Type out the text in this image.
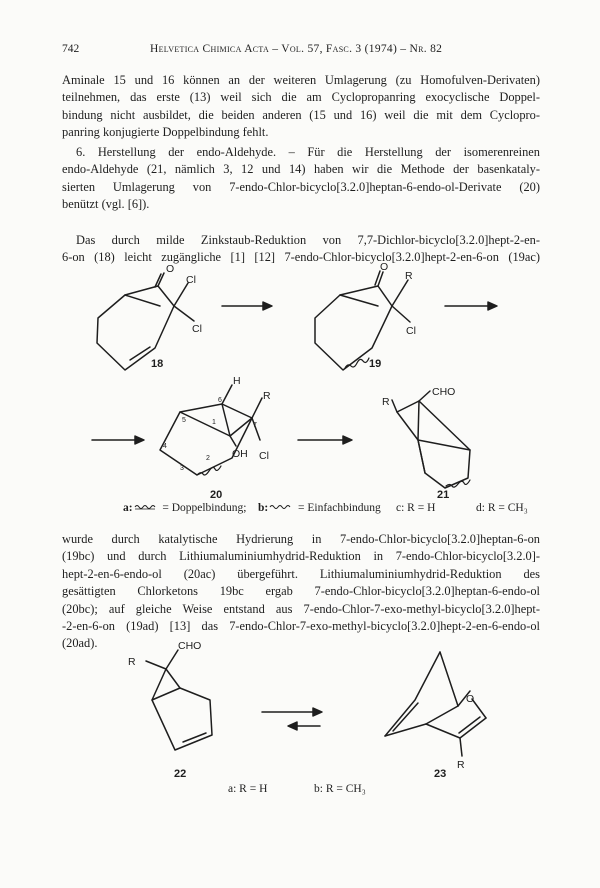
742	Helvetica Chimica Acta – Vol. 57, Fasc. 3 (1974) – Nr. 82
Aminale 15 und 16 können an der weiteren Umlagerung (zu Homofulven-Derivaten)
teilnehmen, das erste (13) weil sich die am Cyclopropanring exocyclische Doppel-
bindung nicht ausbildet, die beiden anderen (15 und 16) weil die mit dem Cyclopro-
panring konjugierte Doppelbindung fehlt.
6. Herstellung der endo-Aldehyde. – Für die Herstellung der isomerenreinen
endo-Aldehyde (21, nämlich 3, 12 und 14) haben wir die Methode der basenkataly-
sierten Umlagerung von 7-endo-Chlor-bicyclo[3.2.0]heptan-6-endo-ol-Derivate (20)
benützt (vgl. [6]).
Das durch milde Zinkstaub-Reduktion von 7,7-Dichlor-bicyclo[3.2.0]hept-2-en-
6-on (18) leicht zugängliche [1] [12] 7-endo-Chlor-bicyclo[3.2.0]hept-2-en-6-on (19ac)
O
Cl
Cl
O
R
Cl
H
R
OH Cl
R
CHO
1
2
3
4
5
6
7
18	19
20	21
R
CHO
O
R
22	23
a:  = Doppelbindung; b:  = Einfachbindung c: R = H	d: R = CH₃
wurde durch katalytische Hydrierung in 7-endo-Chlor-bicyclo[3.2.0]heptan-6-on
(19bc) und durch Lithiumaluminiumhydrid-Reduktion in 7-endo-Chlor-bicyclo[3.2.0]-
hept-2-en-6-endo-ol (20ac) übergeführt. Lithiumaluminiumhydrid-Reduktion des
gesättigten Chlorketons 19bc ergab 7-endo-Chlor-bicyclo[3.2.0]heptan-6-endo-ol
(20bc); auf gleiche Weise entstand aus 7-endo-Chlor-7-exo-methyl-bicyclo[3.2.0]hept-
-2-en-6-on (19ad) [13] das 7-endo-Chlor-7-exo-methyl-bicyclo[3.2.0]hept-2-en-6-endo-ol
(20ad).
a: R = H	b: R = CH₃
